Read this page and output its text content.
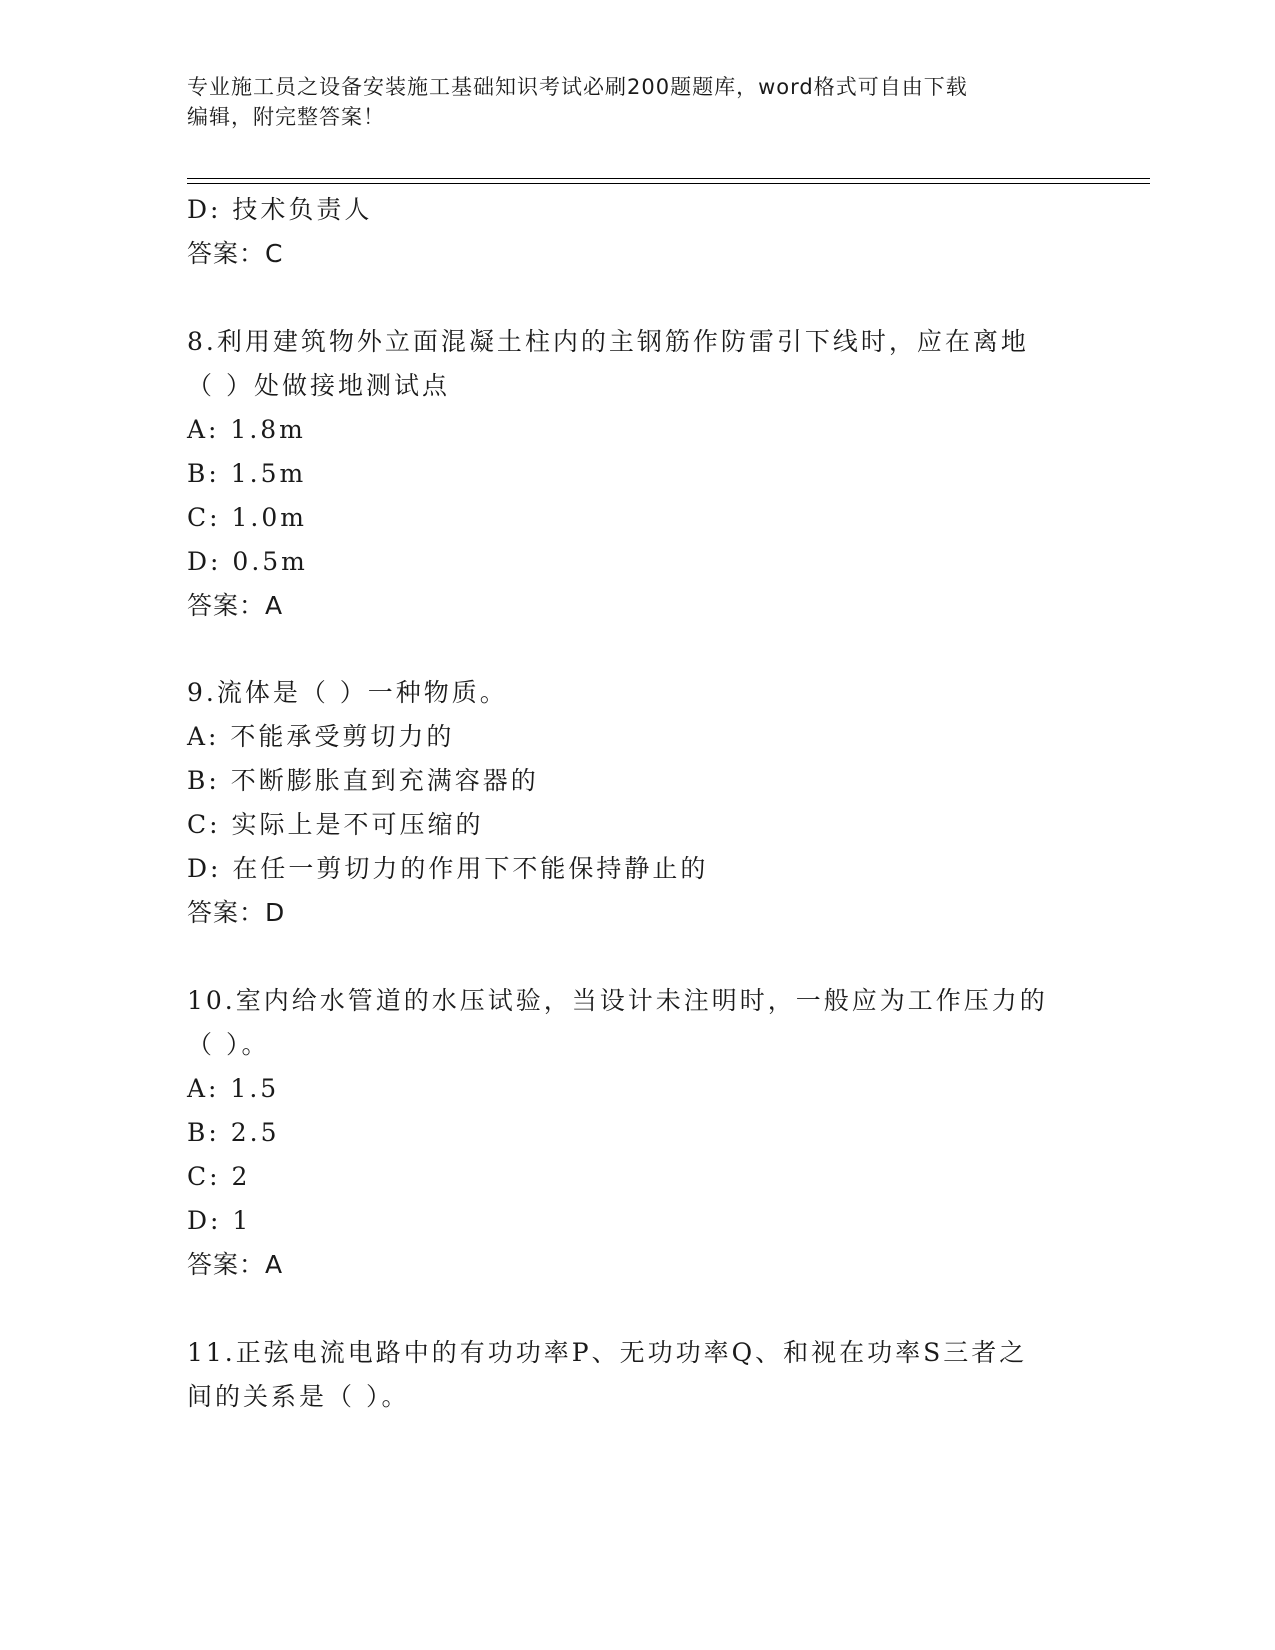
专业施工员之设备安装施工基础知识考试必刷200题题库，word格式可自由下载
编辑，附完整答案！
D: 技术负责人
答案：C
8.利用建筑物外立面混凝土柱内的主钢筋作防雷引下线时，应在离地
（ ）处做接地测试点
A: 1.8m
B: 1.5m
C: 1.0m
D: 0.5m
答案：A
9.流体是（ ）一种物质。
A: 不能承受剪切力的
B: 不断膨胀直到充满容器的
C: 实际上是不可压缩的
D: 在任一剪切力的作用下不能保持静止的
答案：D
10.室内给水管道的水压试验，当设计未注明时，一般应为工作压力的
（ ）。
A: 1.5
B: 2.5
C: 2
D: 1
答案：A
11.正弦电流电路中的有功功率P、无功功率Q、和视在功率S三者之
间的关系是（ ）。
